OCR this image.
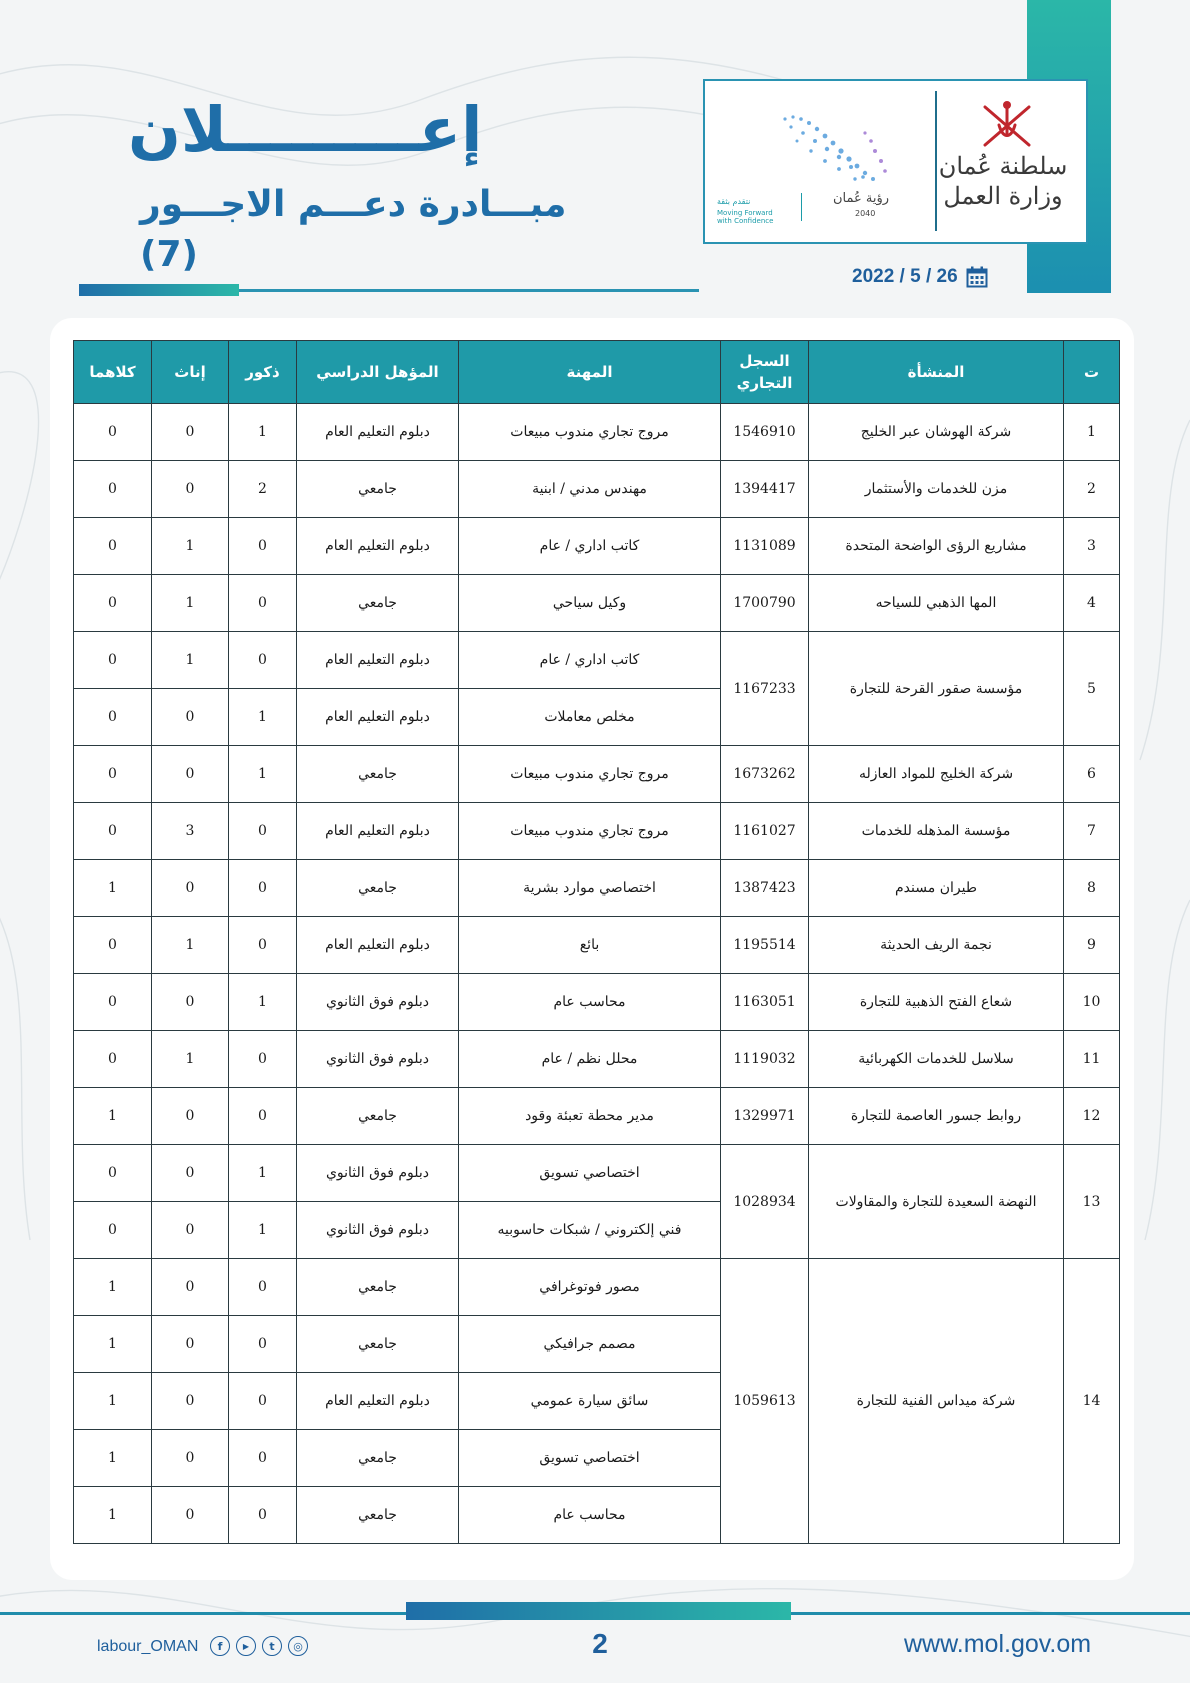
سلطنة عُمان
وزارة العمل
رؤية عُمان
2040
نتقدم بثقة
Moving Forward with Confidence
2022 / 5 / 26
إعـــــــــلان
مبـــادرة دعـــم الاجـــور (7)
ت	المنشأة	السجل التجاري	المهنة	المؤهل الدراسي	ذكور	إناث	كلاهما
1	شركة الهوشان عبر الخليج	1546910	مروج تجاري مندوب مبيعات	دبلوم التعليم العام	1	0	0
2	مزن للخدمات والأستثمار	1394417	مهندس مدني / ابنية	جامعي	2	0	0
3	مشاريع الرؤى الواضحة المتحدة	1131089	كاتب اداري / عام	دبلوم التعليم العام	0	1	0
4	المها الذهبي للسياحه	1700790	وكيل سياحي	جامعي	0	1	0
5	مؤسسة صقور القرحة للتجارة	1167233	كاتب اداري / عام	دبلوم التعليم العام	0	1	0
			مخلص معاملات	دبلوم التعليم العام	1	0	0
6	شركة الخليج للمواد العازله	1673262	مروج تجاري مندوب مبيعات	جامعي	1	0	0
7	مؤسسة المذهله للخدمات	1161027	مروج تجاري مندوب مبيعات	دبلوم التعليم العام	0	3	0
8	طيران مسندم	1387423	اختصاصي موارد بشرية	جامعي	0	0	1
9	نجمة الريف الحديثة	1195514	بائع	دبلوم التعليم العام	0	1	0
10	شعاع الفتح الذهبية للتجارة	1163051	محاسب عام	دبلوم فوق الثانوي	1	0	0
11	سلاسل للخدمات الكهربائية	1119032	محلل نظم / عام	دبلوم فوق الثانوي	0	1	0
12	روابط جسور العاصمة للتجارة	1329971	مدير محطة تعبئة وقود	جامعي	0	0	1
13	النهضة السعيدة للتجارة والمقاولات	1028934	اختصاصي تسويق	دبلوم فوق الثانوي	1	0	0
			فني إلكتروني / شبكات حاسوبيه	دبلوم فوق الثانوي	1	0	0
14	شركة ميداس الفنية للتجارة	1059613	مصور فوتوغرافي	جامعي	0	0	1
			مصمم جرافيكي	جامعي	0	0	1
			سائق سيارة عمومي	دبلوم التعليم العام	0	0	1
			اختصاصي تسويق	جامعي	0	0	1
			محاسب عام	جامعي	0	0	1
labour_OMAN	f	▶	t	◎	2	www.mol.gov.om
